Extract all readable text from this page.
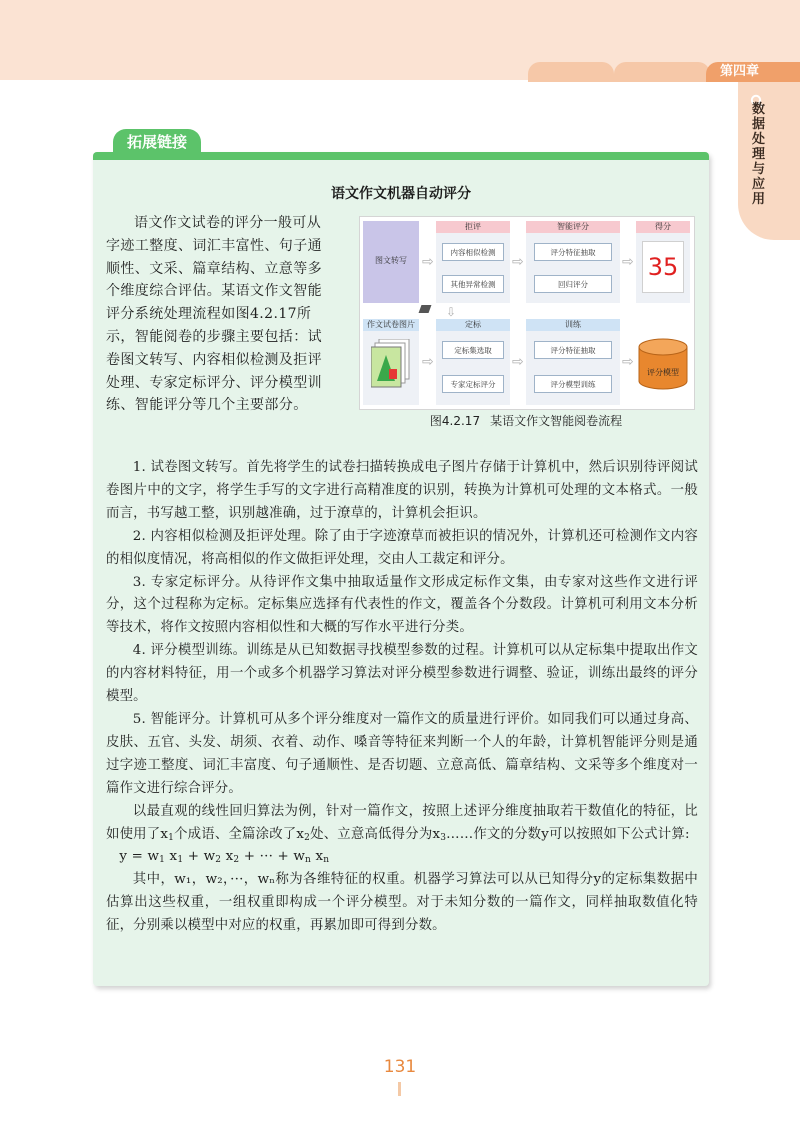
第四章
数据处理与应用
拓展链接
语文作文机器自动评分
语文作文试卷的评分一般可从字迹工整度、词汇丰富性、句子通顺性、文采、篇章结构、立意等多个维度综合评估。某语文作文智能评分系统处理流程如图4.2.17所示，智能阅卷的步骤主要包括：试卷图文转写、内容相似检测及拒评处理、专家定标评分、评分模型训练、智能评分等几个主要部分。
图文转写	⇨
拒评
内容相似检测
其他异常检测
⇨
智能评分
评分特征抽取
回归评分
⇨
得分
35
⇩
作文试卷图片
⇨
定标
定标集选取
专家定标评分
⇨
训练
评分特征抽取
评分模型训练
⇨
评分模型
图4.2.17 某语文作文智能阅卷流程

1. 试卷图文转写。首先将学生的试卷扫描转换成电子图片存储于计算机中，然后识别待评阅试卷图片中的文字，将学生手写的文字进行高精准度的识别，转换为计算机可处理的文本格式。一般而言，书写越工整，识别越准确，过于潦草的，计算机会拒识。

2. 内容相似检测及拒评处理。除了由于字迹潦草而被拒识的情况外，计算机还可检测作文内容的相似度情况，将高相似的作文做拒评处理，交由人工裁定和评分。

3. 专家定标评分。从待评作文集中抽取适量作文形成定标作文集，由专家对这些作文进行评分，这个过程称为定标。定标集应选择有代表性的作文，覆盖各个分数段。计算机可利用文本分析等技术，将作文按照内容相似性和大概的写作水平进行分类。

4. 评分模型训练。训练是从已知数据寻找模型参数的过程。计算机可以从定标集中提取出作文的内容材料特征，用一个或多个机器学习算法对评分模型参数进行调整、验证，训练出最终的评分模型。

5. 智能评分。计算机可从多个评分维度对一篇作文的质量进行评价。如同我们可以通过身高、皮肤、五官、头发、胡须、衣着、动作、嗓音等特征来判断一个人的年龄，计算机智能评分则是通过字迹工整度、词汇丰富度、句子通顺性、是否切题、立意高低、篇章结构、文采等多个维度对一篇作文进行综合评分。

以最直观的线性回归算法为例，针对一篇作文，按照上述评分维度抽取若干数值化的特征，比如使用了$x_1$个成语、全篇涂改了$x_2$处、立意高低得分为$x_3\dots\dots$作文的分数y可以按照如下公式计算:

$y = w_1$ $x_1 + w_2$ $x_2$ + ··· + $w_n$ $x_n$

其中，w₁，w₂，···，wₙ称为各维特征的权重。机器学习算法可以从已知得分y的定标集数据中估算出这些权重，一组权重即构成一个评分模型。对于未知分数的一篇作文，同样抽取数值化特征，分别乘以模型中对应的权重，再累加即可得到分数。

131
